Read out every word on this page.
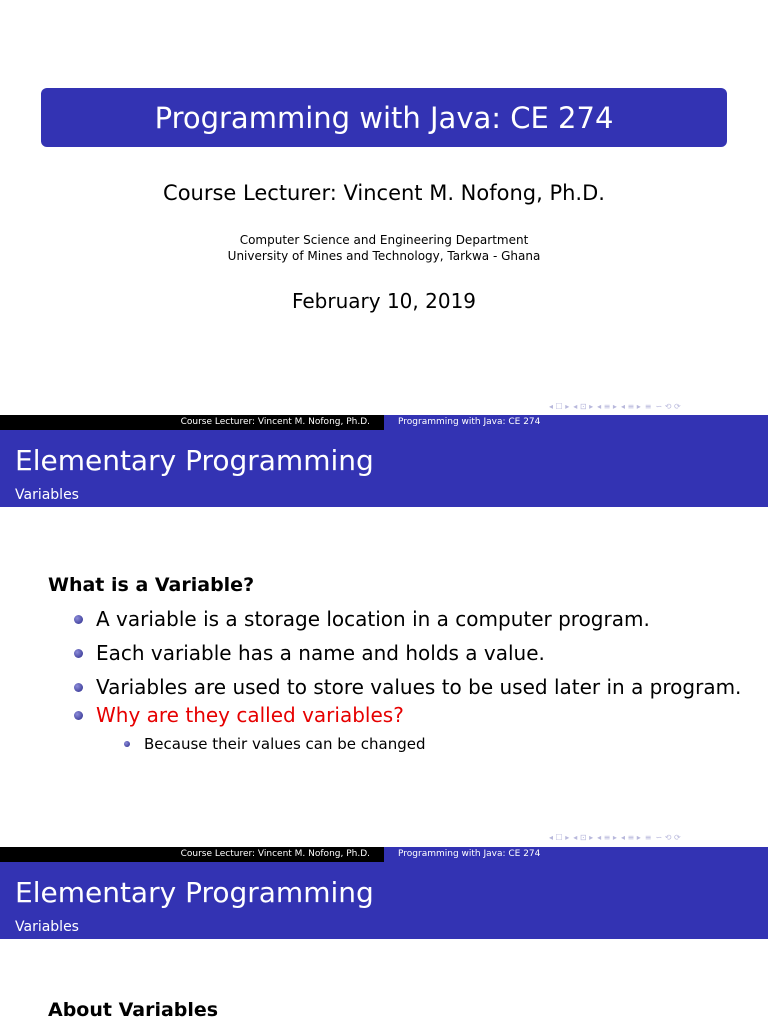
Programming with Java: CE 274
Course Lecturer: Vincent M. Nofong, Ph.D.
Computer Science and Engineering Department
University of Mines and Technology, Tarkwa - Ghana
February 10, 2019
◂ ☐ ▸ ◂ ⊡ ▸ ◂ ≡ ▸ ◂ ≡ ▸ ≡ ∽ ⟲ ⟳
Course Lecturer: Vincent M. Nofong, Ph.D.	Programming with Java: CE 274
Elementary Programming
Variables
What is a Variable?
A variable is a storage location in a computer program.
Each variable has a name and holds a value.
Variables are used to store values to be used later in a program.
Why are they called variables?
Because their values can be changed
◂ ☐ ▸ ◂ ⊡ ▸ ◂ ≡ ▸ ◂ ≡ ▸ ≡ ∽ ⟲ ⟳
Course Lecturer: Vincent M. Nofong, Ph.D.	Programming with Java: CE 274
Elementary Programming
Variables
About Variables
